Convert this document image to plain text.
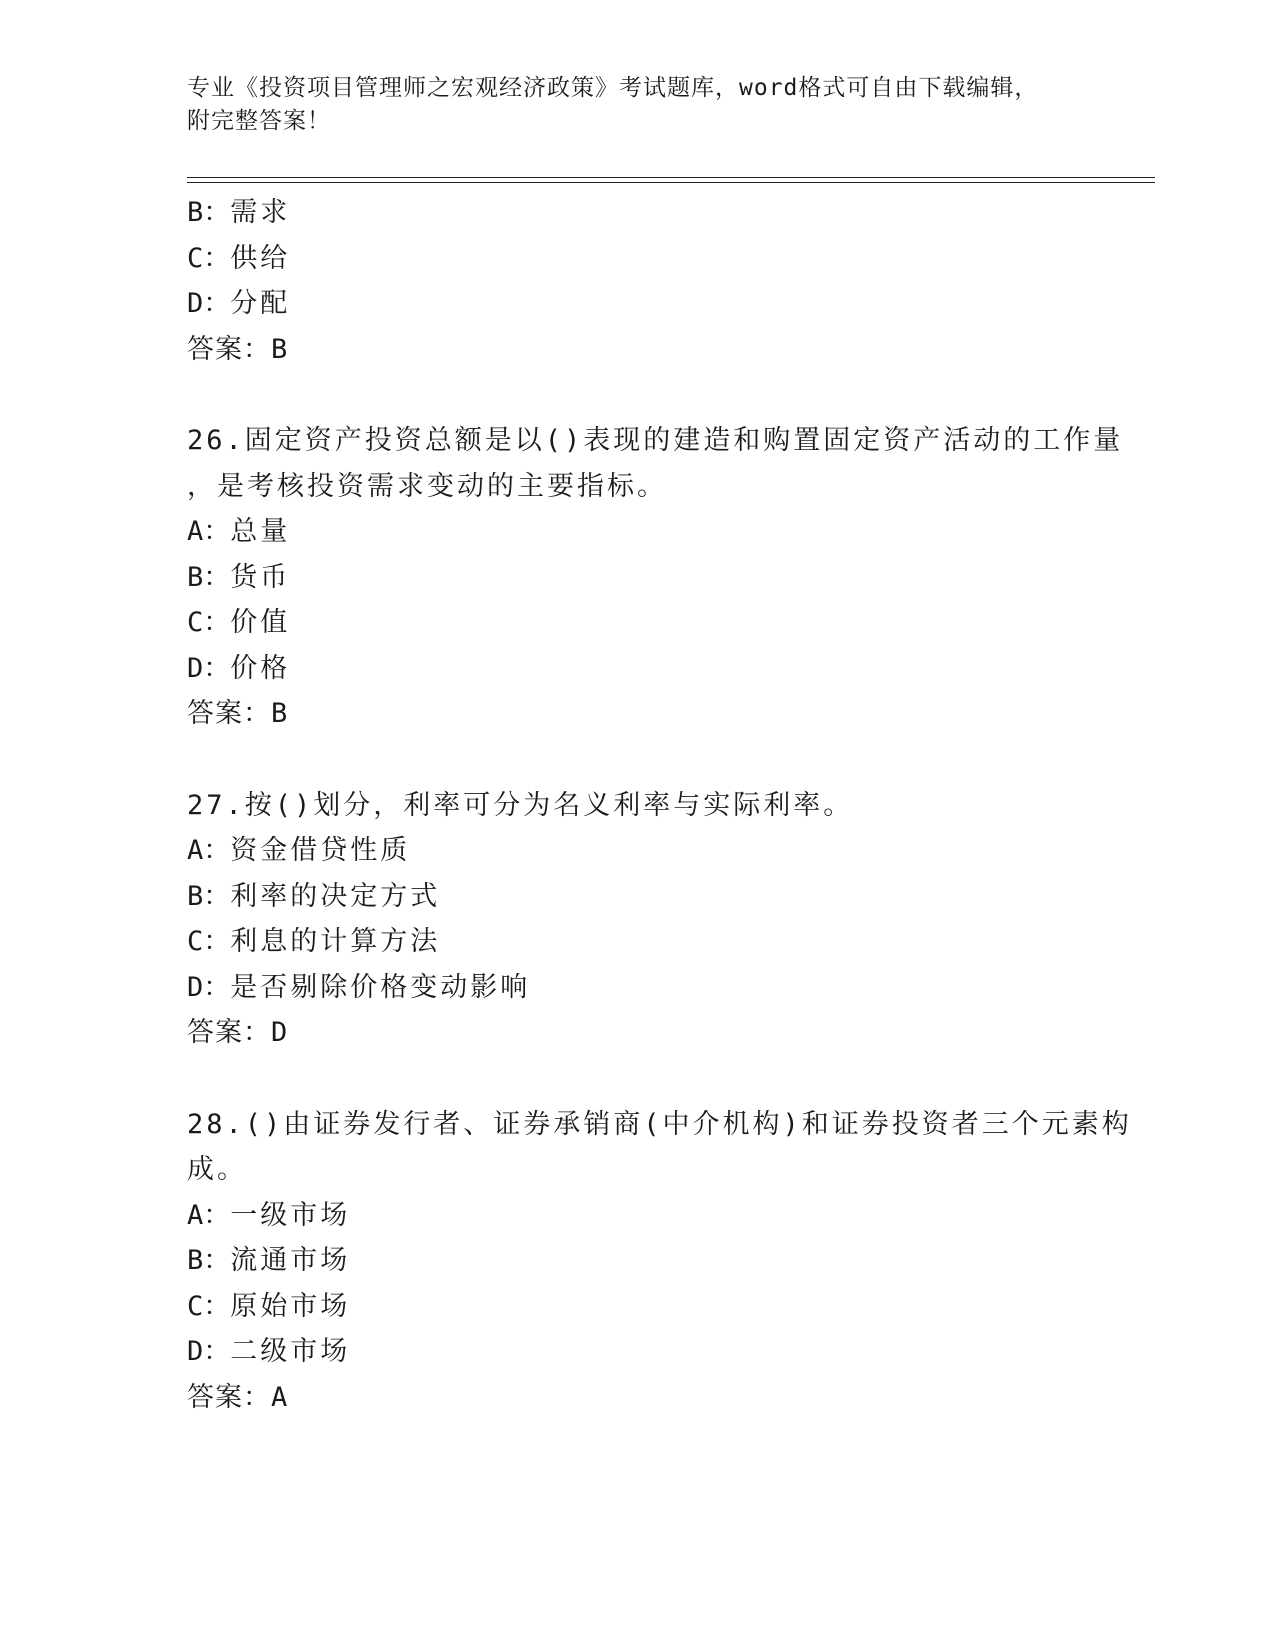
专业《投资项目管理师之宏观经济政策》考试题库，word格式可自由下载编辑，
附完整答案！
B：需求
C：供给
D：分配
答案：B
26.固定资产投资总额是以()表现的建造和购置固定资产活动的工作量
，是考核投资需求变动的主要指标。
A：总量
B：货币
C：价值
D：价格
答案：B
27.按()划分，利率可分为名义利率与实际利率。
A：资金借贷性质
B：利率的决定方式
C：利息的计算方法
D：是否剔除价格变动影响
答案：D
28.()由证券发行者、证券承销商(中介机构)和证券投资者三个元素构
成。
A：一级市场
B：流通市场
C：原始市场
D：二级市场
答案：A
